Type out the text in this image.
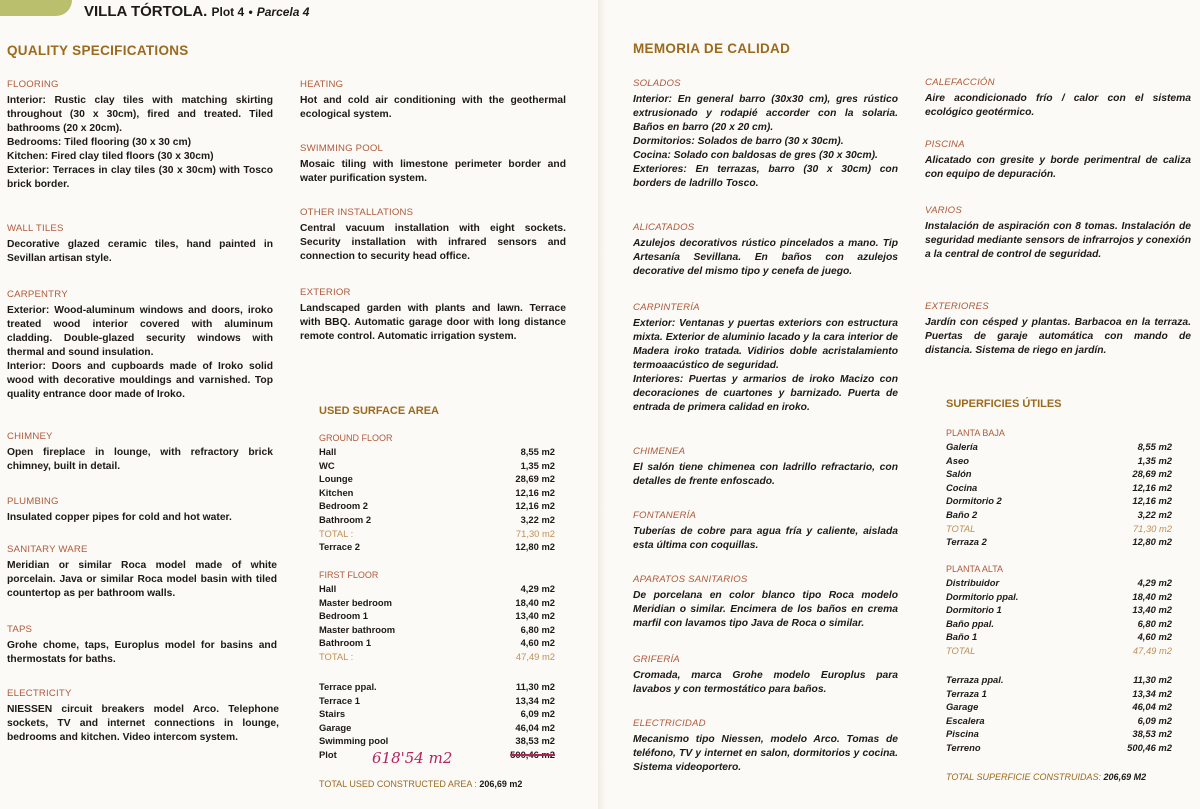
VILLA TÓRTOLA. Plot 4 • Parcela 4
QUALITY SPECIFICATIONS
FLOORING
Interior: Rustic clay tiles with matching skirting throughout (30 x 30cm), fired and treated. Tiled bathrooms (20 x 20cm).
Bedrooms: Tiled flooring (30 x 30 cm)
Kitchen: Fired clay tiled floors (30 x 30cm)
Exterior: Terraces in clay tiles (30 x 30cm) with Tosco brick border.
WALL TILES
Decorative glazed ceramic tiles, hand painted in Sevillan artisan style.
CARPENTRY
Exterior: Wood-aluminum windows and doors, iroko treated wood interior covered with aluminum cladding. Double-glazed security windows with thermal and sound insulation.
Interior: Doors and cupboards made of Iroko solid wood with decorative mouldings and varnished. Top quality entrance door made of Iroko.
CHIMNEY
Open fireplace in lounge, with refractory brick chimney, built in detail.
PLUMBING
Insulated copper pipes for cold and hot water.
SANITARY WARE
Meridian or similar Roca model made of white porcelain. Java or similar Roca model basin with tiled countertop as per bathroom walls.
TAPS
Grohe chome, taps, Europlus model for basins and thermostats for baths.
ELECTRICITY
NIESSEN circuit breakers model Arco. Telephone sockets, TV and internet connections in lounge, bedrooms and kitchen. Video intercom system.
HEATING
Hot and cold air conditioning with the geothermal ecological system.
SWIMMING POOL
Mosaic tiling with limestone perimeter border and water purification system.
OTHER INSTALLATIONS
Central vacuum installation with eight sockets. Security installation with infrared sensors and connection to security head office.
EXTERIOR
Landscaped garden with plants and lawn. Terrace with BBQ. Automatic garage door with long distance remote control. Automatic irrigation system.
USED SURFACE AREA
GROUND FLOOR
Hall	8,55 m2
WC	1,35 m2
Lounge	28,69 m2
Kitchen	12,16 m2
Bedroom 2	12,16 m2
Bathroom 2	3,22 m2
TOTAL :	71,30 m2
Terrace 2	12,80 m2
FIRST FLOOR
Hall	4,29 m2
Master bedroom	18,40 m2
Bedroom 1	13,40 m2
Master bathroom	6,80 m2
Bathroom 1	4,60 m2
TOTAL :	47,49 m2
Terrace ppal.	11,30 m2
Terrace 1	13,34 m2
Stairs	6,09 m2
Garage	46,04 m2
Swimming pool	38,53 m2
Plot	500,46 m2
618'54 m2
TOTAL USED CONSTRUCTED AREA : 206,69 m2
MEMORIA DE CALIDAD
SOLADOS
Interior: En general barro (30x30 cm), gres rústico extrusionado y rodapié accorder con la solaria. Baños en barro (20 x 20 cm).
Dormitorios: Solados de barro (30 x 30cm).
Cocina: Solado con baldosas de gres (30 x 30cm).
Exteriores: En terrazas, barro (30 x 30cm) con borders de ladrillo Tosco.
ALICATADOS
Azulejos decorativos rústico pincelados a mano. Tip Artesanía Sevillana. En baños con azulejos decorative del mismo tipo y cenefa de juego.
CARPINTERÍA
Exterior: Ventanas y puertas exteriors con estructura mixta. Exterior de aluminio lacado y la cara interior de Madera iroko tratada. Vidirios doble acristalamiento termoaacústico de seguridad.
Interiores: Puertas y armarios de iroko Macizo con decoraciones de cuartones y barnizado. Puerta de entrada de primera calidad en iroko.
CHIMENEA
El salón tiene chimenea con ladrillo refractario, con detalles de frente enfoscado.
FONTANERÍA
Tuberías de cobre para agua fría y caliente, aislada esta última con coquillas.
APARATOS SANITARIOS
De porcelana en color blanco tipo Roca modelo Meridian o similar. Encimera de los baños en crema marfil con lavamos tipo Java de Roca o similar.
GRIFERÍA
Cromada, marca Grohe modelo Europlus para lavabos y con termostático para baños.
ELECTRICIDAD
Mecanismo tipo Niessen, modelo Arco. Tomas de teléfono, TV y internet en salon, dormitorios y cocina. Sistema videoportero.
CALEFACCIÓN
Aire acondicionado frío / calor con el sistema ecológico geotérmico.
PISCINA
Alicatado con gresite y borde perimentral de caliza con equipo de depuración.
VARIOS
Instalación de aspiración con 8 tomas. Instalación de seguridad mediante sensors de infrarrojos y conexión a la central de control de seguridad.
EXTERIORES
Jardín con césped y plantas. Barbacoa en la terraza. Puertas de garaje automática con mando de distancia. Sistema de riego en jardín.
SUPERFICIES ÚTILES
PLANTA BAJA
Galería	8,55 m2
Aseo	1,35 m2
Salón	28,69 m2
Cocina	12,16 m2
Dormitorio 2	12,16 m2
Baño 2	3,22 m2
TOTAL	71,30 m2
Terraza 2	12,80 m2
PLANTA ALTA
Distribuidor	4,29 m2
Dormitorio ppal.	18,40 m2
Dormitorio 1	13,40 m2
Baño ppal.	6,80 m2
Baño 1	4,60 m2
TOTAL	47,49 m2
Terraza ppal.	11,30 m2
Terraza 1	13,34 m2
Garage	46,04 m2
Escalera	6,09 m2
Piscina	38,53 m2
Terreno	500,46 m2
TOTAL SUPERFICIE CONSTRUIDAS: 206,69 M2
